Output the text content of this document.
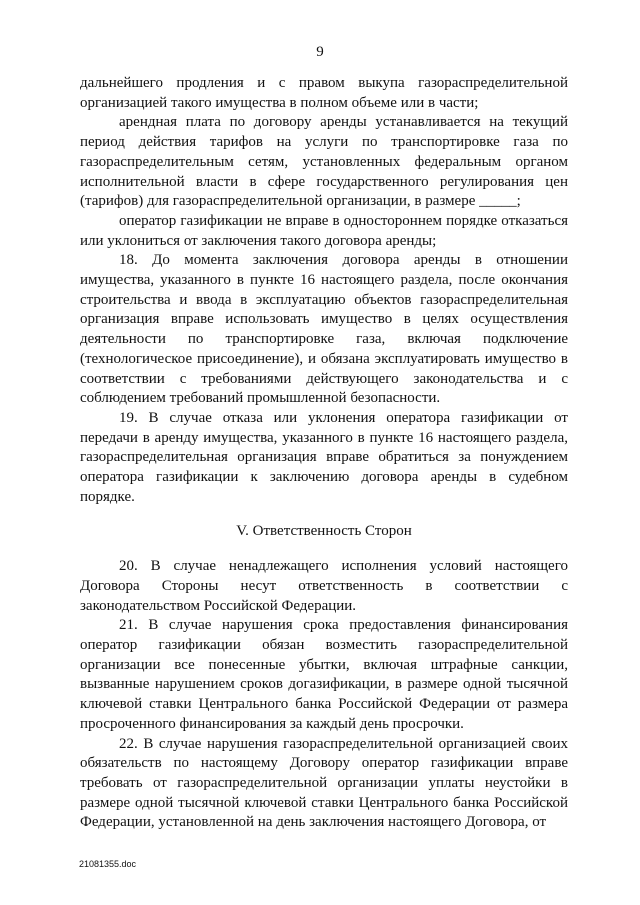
9

дальнейшего продления и с правом выкупа газораспределительной организацией такого имущества в полном объеме или в части;

арендная плата по договору аренды устанавливается на текущий период действия тарифов на услуги по транспортировке газа по газораспределительным сетям, установленных федеральным органом исполнительной власти в сфере государственного регулирования цен (тарифов) для газораспределительной организации, в размере _____;

оператор газификации не вправе в одностороннем порядке отказаться или уклониться от заключения такого договора аренды;

18. До момента заключения договора аренды в отношении имущества, указанного в пункте 16 настоящего раздела, после окончания строительства и ввода в эксплуатацию объектов газораспределительная организация вправе использовать имущество в целях осуществления деятельности по транспортировке газа, включая подключение (технологическое присоединение), и обязана эксплуатировать имущество в соответствии с требованиями действующего законодательства и с соблюдением требований промышленной безопасности.

19. В случае отказа или уклонения оператора газификации от передачи в аренду имущества, указанного в пункте 16 настоящего раздела, газораспределительная организация вправе обратиться за понуждением оператора газификации к заключению договора аренды в судебном порядке.

V. Ответственность Сторон

20. В случае ненадлежащего исполнения условий настоящего Договора Стороны несут ответственность в соответствии с законодательством Российской Федерации.

21. В случае нарушения срока предоставления финансирования оператор газификации обязан возместить газораспределительной организации все понесенные убытки, включая штрафные санкции, вызванные нарушением сроков догазификации, в размере одной тысячной ключевой ставки Центрального банка Российской Федерации от размера просроченного финансирования за каждый день просрочки.

22. В случае нарушения газораспределительной организацией своих обязательств по настоящему Договору оператор газификации вправе требовать от газораспределительной организации уплаты неустойки в размере одной тысячной ключевой ставки Центрального банка Российской Федерации, установленной на день заключения настоящего Договора, от

21081355.doc
